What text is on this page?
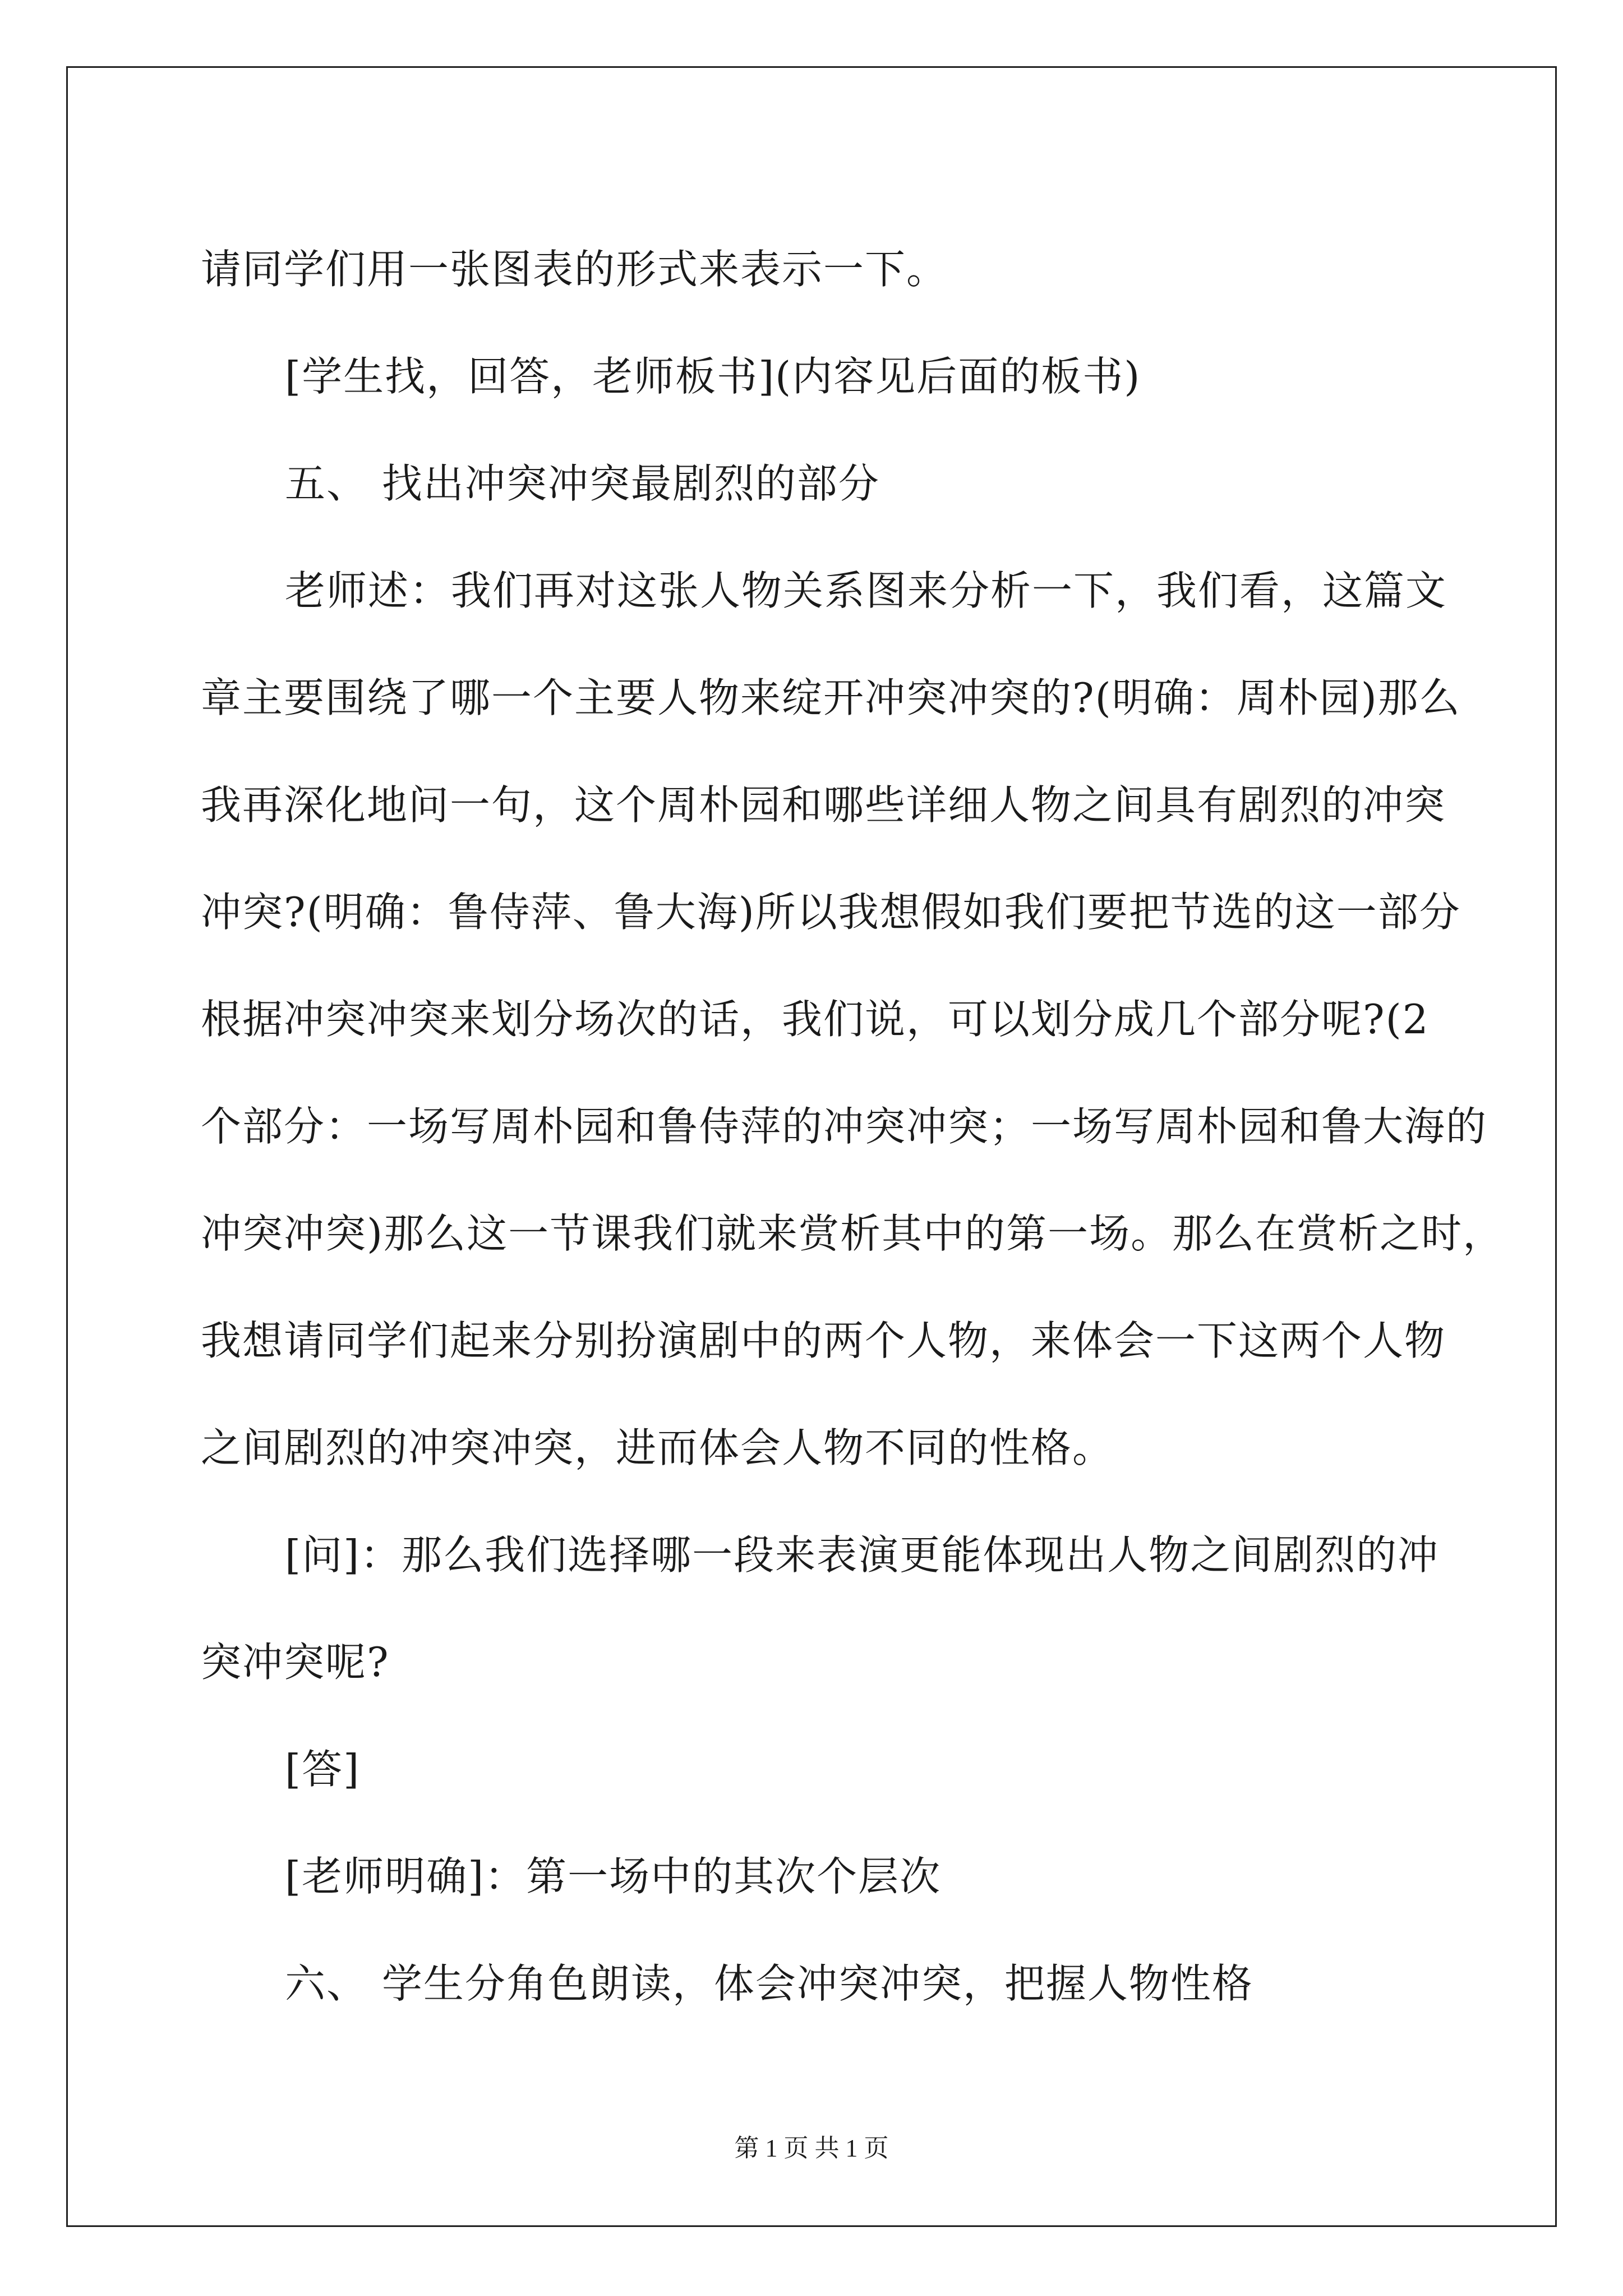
请同学们用一张图表的形式来表示一下。

[学生找，回答，老师板书](内容见后面的板书)

五、 找出冲突冲突最剧烈的部分

老师述：我们再对这张人物关系图来分析一下，我们看，这篇文

章主要围绕了哪一个主要人物来绽开冲突冲突的?(明确：周朴园)那么

我再深化地问一句，这个周朴园和哪些详细人物之间具有剧烈的冲突

冲突?(明确：鲁侍萍、鲁大海)所以我想假如我们要把节选的这一部分

根据冲突冲突来划分场次的话，我们说，可以划分成几个部分呢?(2

个部分：一场写周朴园和鲁侍萍的冲突冲突；一场写周朴园和鲁大海的

冲突冲突)那么这一节课我们就来赏析其中的第一场。那么在赏析之时，

我想请同学们起来分别扮演剧中的两个人物，来体会一下这两个人物

之间剧烈的冲突冲突，进而体会人物不同的性格。

[问]：那么我们选择哪一段来表演更能体现出人物之间剧烈的冲

突冲突呢?

[答]

[老师明确]：第一场中的其次个层次

六、 学生分角色朗读，体会冲突冲突，把握人物性格

第 1 页 共 1 页
